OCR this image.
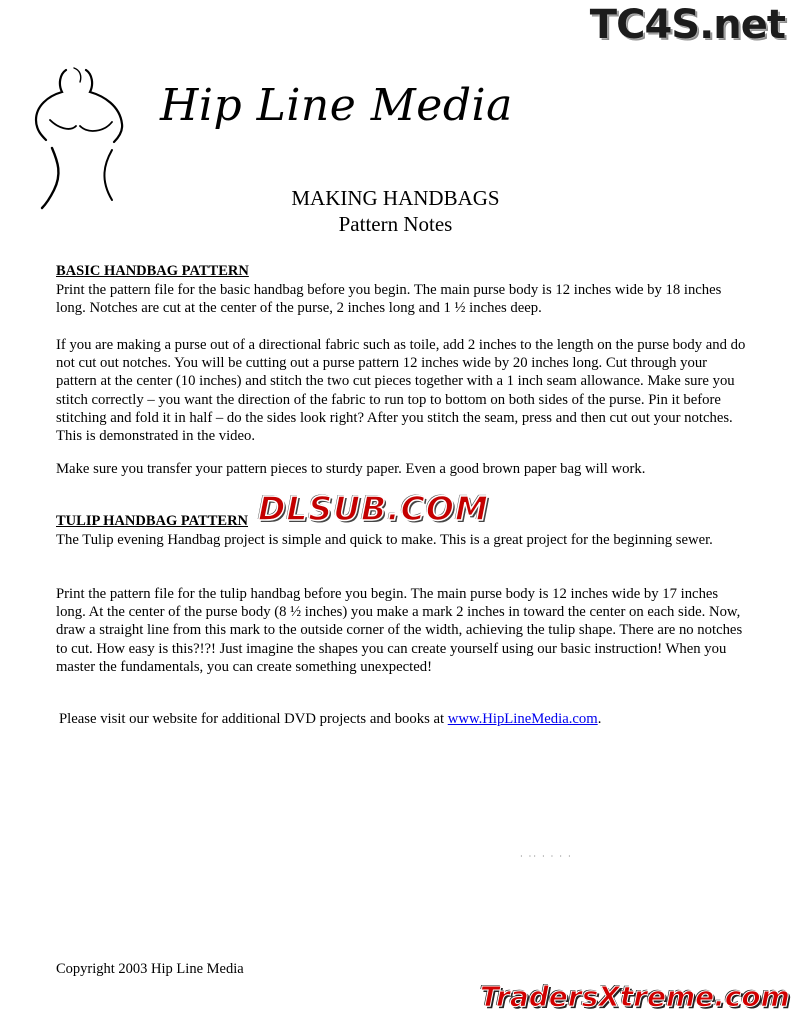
Hip Line Media
MAKING HANDBAGS
Pattern Notes
BASIC HANDBAG PATTERN

Print the pattern file for the basic handbag before you begin. The main purse body is 12 inches wide by 18 inches long. Notches are cut at the center of the purse, 2 inches long and 1 ½ inches deep.

If you are making a purse out of a directional fabric such as toile, add 2 inches to the length on the purse body and do not cut out notches. You will be cutting out a purse pattern 12 inches wide by 20 inches long. Cut through your pattern at the center (10 inches) and stitch the two cut pieces together with a 1 inch seam allowance. Make sure you stitch correctly – you want the direction of the fabric to run top to bottom on both sides of the purse. Pin it before stitching and fold it in half – do the sides look right? After you stitch the seam, press and then cut out your notches. This is demonstrated in the video.

Make sure you transfer your pattern pieces to sturdy paper. Even a good brown paper bag will work.

TULIP HANDBAG PATTERN

The Tulip evening Handbag project is simple and quick to make. This is a great project for the beginning sewer.

Print the pattern file for the tulip handbag before you begin. The main purse body is 12 inches wide by 17 inches long. At the center of the purse body (8 ½ inches) you make a mark 2 inches in toward the center on each side. Now, draw a straight line from this mark to the outside corner of the width, achieving the tulip shape. There are no notches to cut. How easy is this?!?! Just imagine the shapes you can create yourself using our basic instruction! When you master the fundamentals, you can create something unexpected!

Please visit our website for additional DVD projects and books at www.HipLineMedia.com.

· ·· · · · ·
Copyright 2003 Hip Line Media
TC4S.net
DLSUB.COM
TradersXtreme.com
